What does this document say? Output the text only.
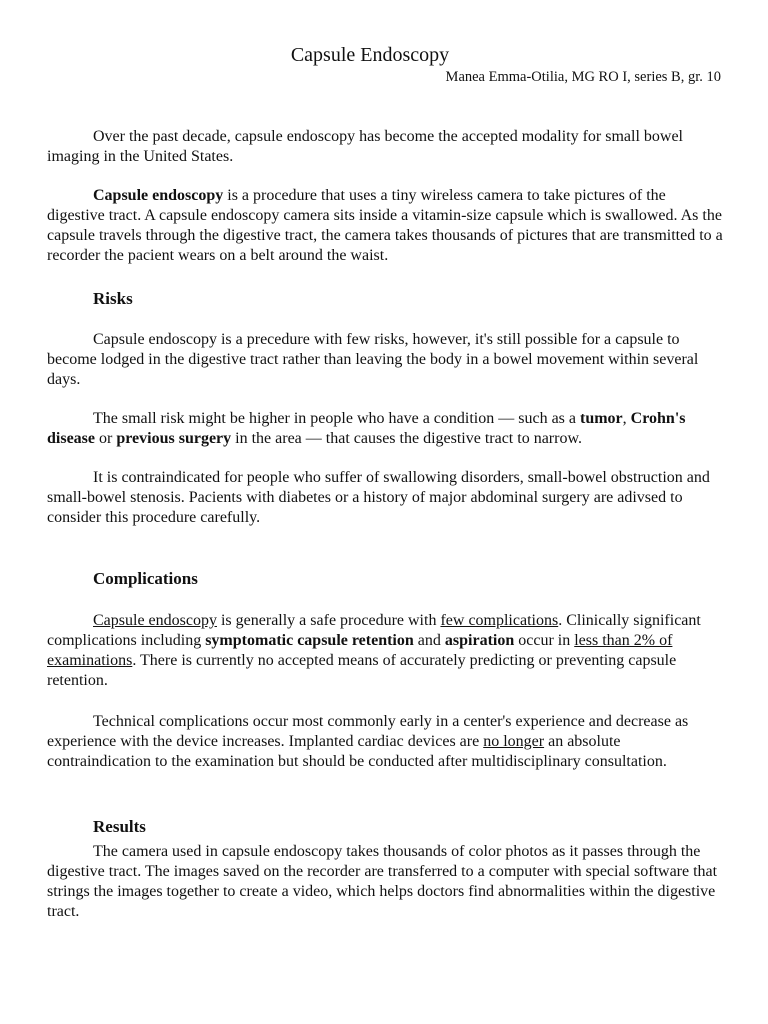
Capsule Endoscopy
Manea Emma-Otilia, MG RO I, series B, gr. 10

Over the past decade, capsule endoscopy has become the accepted modality for small bowel imaging in the United States.

Capsule endoscopy is a procedure that uses a tiny wireless camera to take pictures of the digestive tract. A capsule endoscopy camera sits inside a vitamin-size capsule which is swallowed. As the capsule travels through the digestive tract, the camera takes thousands of pictures that are transmitted to a recorder the pacient wears on a belt around the waist.

Risks

Capsule endoscopy is a precedure with few risks, however, it's still possible for a capsule to become lodged in the digestive tract rather than leaving the body in a bowel movement within several days.

The small risk might be higher in people who have a condition — such as a tumor, Crohn's disease or previous surgery in the area — that causes the digestive tract to narrow.

It is contraindicated for people who suffer of swallowing disorders, small-bowel obstruction and small-bowel stenosis. Pacients with diabetes or a history of major abdominal surgery are adivsed to consider this procedure carefully.

Complications

Capsule endoscopy is generally a safe procedure with few complications. Clinically significant complications including symptomatic capsule retention and aspiration occur in less than 2% of examinations. There is currently no accepted means of accurately predicting or preventing capsule retention.

Technical complications occur most commonly early in a center's experience and decrease as experience with the device increases. Implanted cardiac devices are no longer an absolute contraindication to the examination but should be conducted after multidisciplinary consultation.

Results

The camera used in capsule endoscopy takes thousands of color photos as it passes through the digestive tract. The images saved on the recorder are transferred to a computer with special software that strings the images together to create a video, which helps doctors find abnormalities within the digestive tract.
